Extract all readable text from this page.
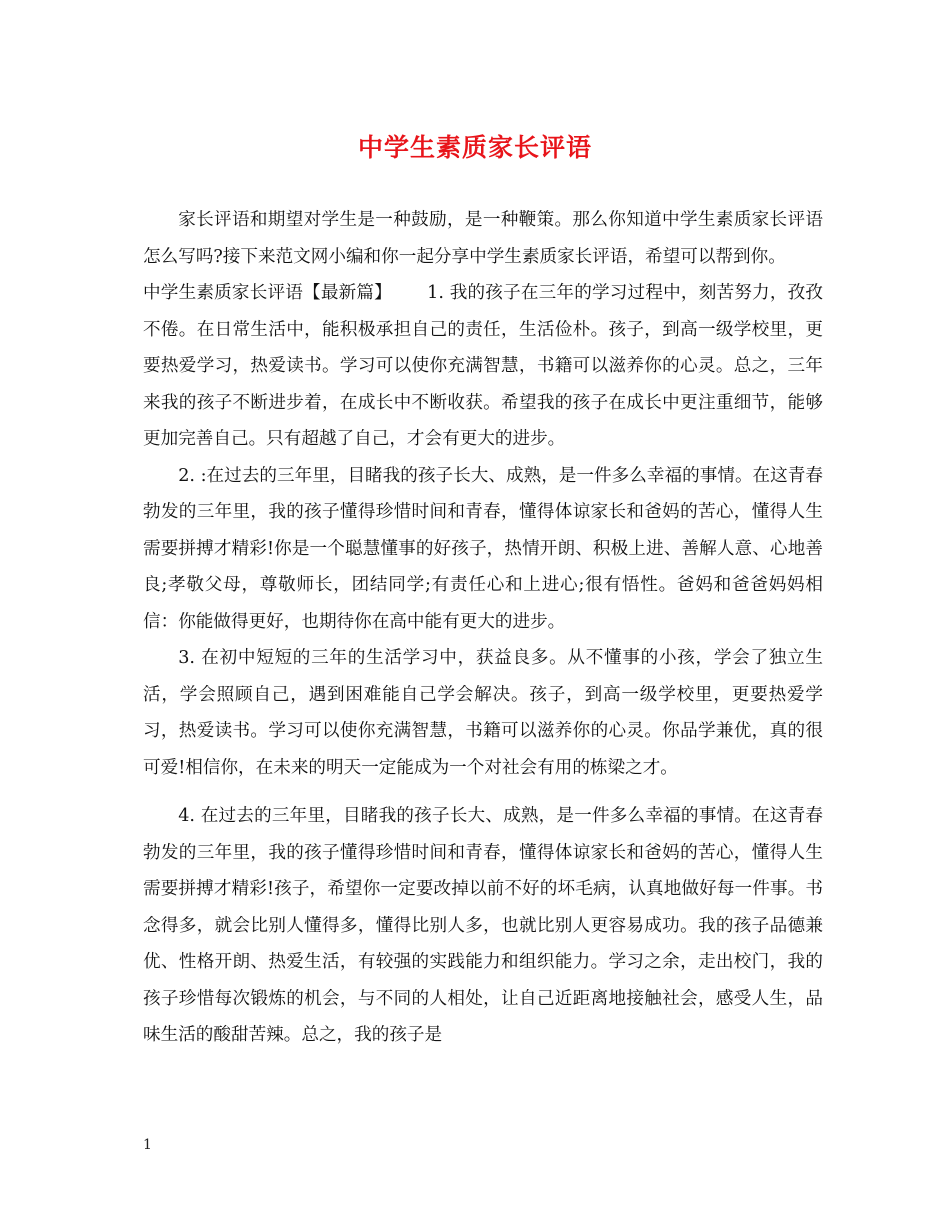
中学生素质家长评语

家长评语和期望对学生是一种鼓励，是一种鞭策。那么你知道中学生素质家长评语怎么写吗?接下来范文网小编和你一起分享中学生素质家长评语，希望可以帮到你。

中学生素质家长评语【最新篇】   1. 我的孩子在三年的学习过程中，刻苦努力，孜孜不倦。在日常生活中，能积极承担自己的责任，生活俭朴。孩子，到高一级学校里，更要热爱学习，热爱读书。学习可以使你充满智慧，书籍可以滋养你的心灵。总之，三年来我的孩子不断进步着，在成长中不断收获。希望我的孩子在成长中更注重细节，能够更加完善自己。只有超越了自己，才会有更大的进步。

2. :在过去的三年里，目睹我的孩子长大、成熟，是一件多么幸福的事情。在这青春勃发的三年里，我的孩子懂得珍惜时间和青春，懂得体谅家长和爸妈的苦心，懂得人生需要拼搏才精彩!你是一个聪慧懂事的好孩子，热情开朗、积极上进、善解人意、心地善良;孝敬父母，尊敬师长，团结同学;有责任心和上进心;很有悟性。爸妈和爸爸妈妈相信：你能做得更好，也期待你在高中能有更大的进步。

3. 在初中短短的三年的生活学习中，获益良多。从不懂事的小孩，学会了独立生活，学会照顾自己，遇到困难能自己学会解决。孩子，到高一级学校里，更要热爱学习，热爱读书。学习可以使你充满智慧，书籍可以滋养你的心灵。你品学兼优，真的很可爱!相信你，在未来的明天一定能成为一个对社会有用的栋梁之才。

4. 在过去的三年里，目睹我的孩子长大、成熟，是一件多么幸福的事情。在这青春勃发的三年里，我的孩子懂得珍惜时间和青春，懂得体谅家长和爸妈的苦心，懂得人生需要拼搏才精彩!孩子，希望你一定要改掉以前不好的坏毛病，认真地做好每一件事。书念得多，就会比别人懂得多，懂得比别人多，也就比别人更容易成功。我的孩子品德兼优、性格开朗、热爱生活，有较强的实践能力和组织能力。学习之余，走出校门，我的孩子珍惜每次锻炼的机会，与不同的人相处，让自己近距离地接触社会，感受人生，品味生活的酸甜苦辣。总之，我的孩子是

1
